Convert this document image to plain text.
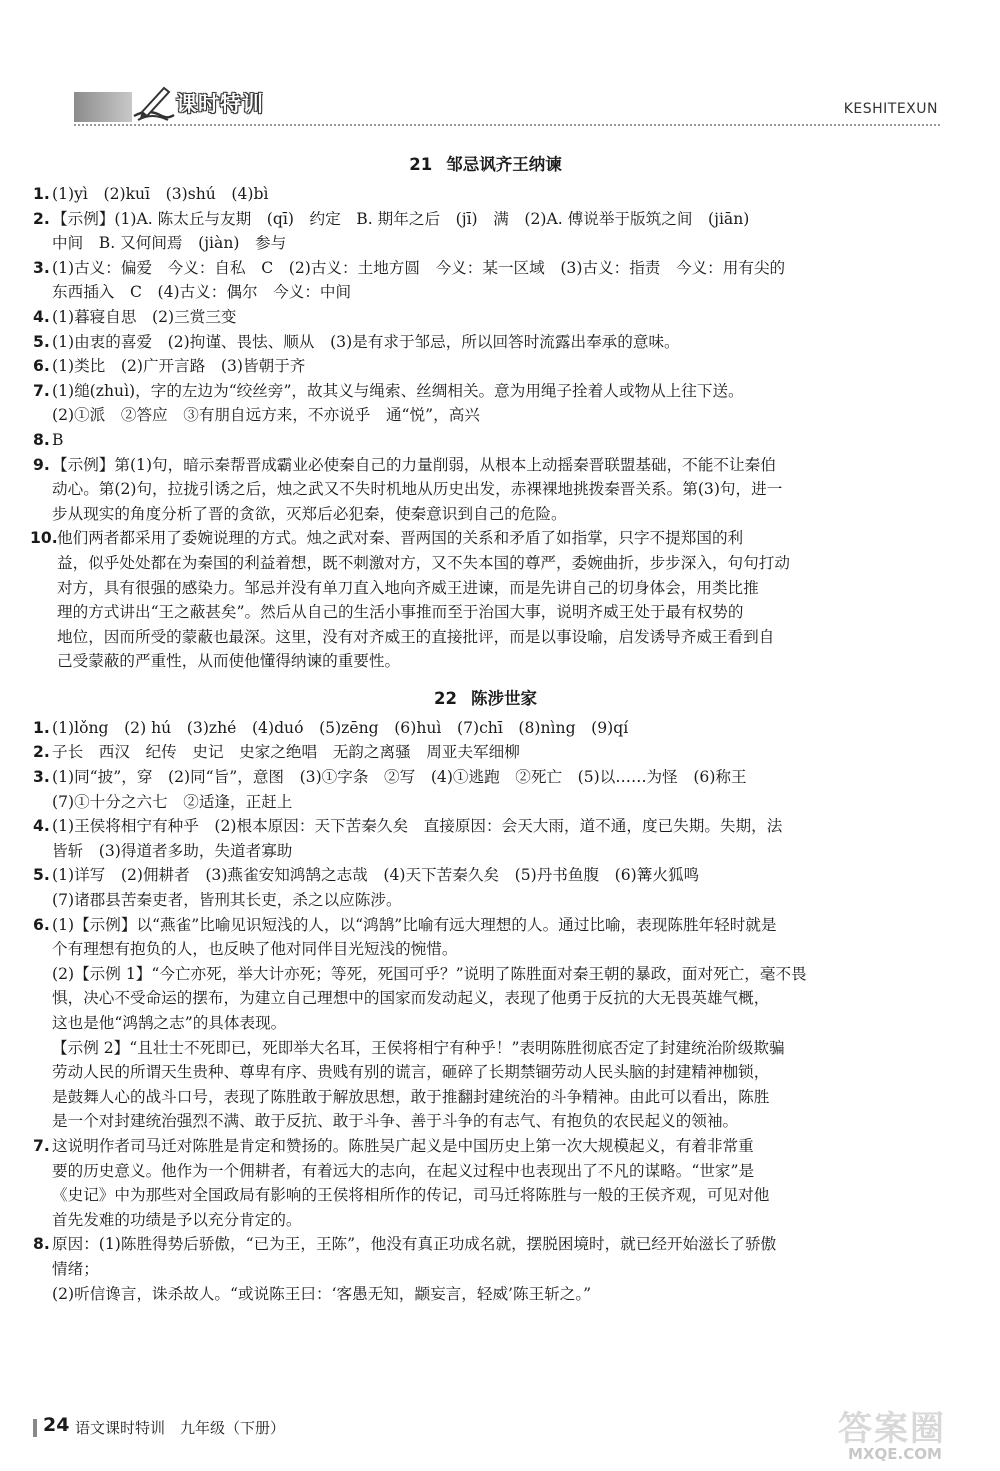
课时特训	KESHITEXUN
21 邹忌讽齐王纳谏
1. (1)yì　(2)kuī　(3)shú　(4)bì
2. 【示例】(1)A. 陈太丘与友期　(qī)　约定　B. 期年之后　(jī)　满　(2)A. 傅说举于版筑之间　(jiān)
中间　B. 又何间焉　(jiàn)　参与
3. (1)古义：偏爱　今义：自私　C　(2)古义：土地方圆　今义：某一区域　(3)古义：指责　今义：用有尖的
东西插入　C　(4)古义：偶尔　今义：中间
4. (1)暮寝自思　(2)三赏三变
5. (1)由衷的喜爱　(2)拘谨、畏怯、顺从　(3)是有求于邹忌，所以回答时流露出奉承的意味。
6. (1)类比　(2)广开言路　(3)皆朝于齐
7. (1)缒(zhuì)，字的左边为“绞丝旁”，故其义与绳索、丝绸相关。意为用绳子拴着人或物从上往下送。
(2)①派　②答应　③有朋自远方来，不亦说乎　通“悦”，高兴
8. B
9. 【示例】第(1)句，暗示秦帮晋成霸业必使秦自己的力量削弱，从根本上动摇秦晋联盟基础，不能不让秦伯
动心。第(2)句，拉拢引诱之后，烛之武又不失时机地从历史出发，赤裸裸地挑拨秦晋关系。第(3)句，进一
步从现实的角度分析了晋的贪欲，灭郑后必犯秦，使秦意识到自己的危险。
10. 他们两者都采用了委婉说理的方式。烛之武对秦、晋两国的关系和矛盾了如指掌，只字不提郑国的利
益，似乎处处都在为秦国的利益着想，既不刺激对方，又不失本国的尊严，委婉曲折，步步深入，句句打动
对方，具有很强的感染力。邹忌并没有单刀直入地向齐威王进谏，而是先讲自己的切身体会，用类比推
理的方式讲出“王之蔽甚矣”。然后从自己的生活小事推而至于治国大事，说明齐威王处于最有权势的
地位，因而所受的蒙蔽也最深。这里，没有对齐威王的直接批评，而是以事设喻，启发诱导齐威王看到自
己受蒙蔽的严重性，从而使他懂得纳谏的重要性。
22 陈涉世家
1. (1)lǒng　(2) hú　(3)zhé　(4)duó　(5)zēng　(6)huì　(7)chī　(8)nìng　(9)qí
2. 子长　西汉　纪传　史记　史家之绝唱　无韵之离骚　周亚夫军细柳
3. (1)同“披”，穿　(2)同“旨”，意图　(3)①字条　②写　(4)①逃跑　②死亡　(5)以……为怪　(6)称王
(7)①十分之六七　②适逢，正赶上
4. (1)王侯将相宁有种乎　(2)根本原因：天下苦秦久矣　直接原因：会天大雨，道不通，度已失期。失期，法
皆斩　(3)得道者多助，失道者寡助
5. (1)详写　(2)佣耕者　(3)燕雀安知鸿鹄之志哉　(4)天下苦秦久矣　(5)丹书鱼腹　(6)篝火狐鸣
(7)诸郡县苦秦吏者，皆刑其长吏，杀之以应陈涉。
6. (1)【示例】以“燕雀”比喻见识短浅的人，以“鸿鹄”比喻有远大理想的人。通过比喻，表现陈胜年轻时就是
个有理想有抱负的人，也反映了他对同伴目光短浅的惋惜。
(2)【示例 1】“今亡亦死，举大计亦死；等死，死国可乎？”说明了陈胜面对秦王朝的暴政，面对死亡，毫不畏
惧，决心不受命运的摆布，为建立自己理想中的国家而发动起义，表现了他勇于反抗的大无畏英雄气概，
这也是他“鸿鹄之志”的具体表现。
【示例 2】“且壮士不死即已，死即举大名耳，王侯将相宁有种乎！”表明陈胜彻底否定了封建统治阶级欺骗
劳动人民的所谓天生贵种、尊卑有序、贵贱有别的谎言，砸碎了长期禁锢劳动人民头脑的封建精神枷锁，
是鼓舞人心的战斗口号，表现了陈胜敢于解放思想，敢于推翻封建统治的斗争精神。由此可以看出，陈胜
是一个对封建统治强烈不满、敢于反抗、敢于斗争、善于斗争的有志气、有抱负的农民起义的领袖。
7. 这说明作者司马迁对陈胜是肯定和赞扬的。陈胜吴广起义是中国历史上第一次大规模起义，有着非常重
要的历史意义。他作为一个佣耕者，有着远大的志向，在起义过程中也表现出了不凡的谋略。“世家”是
《史记》中为那些对全国政局有影响的王侯将相所作的传记，司马迁将陈胜与一般的王侯齐观，可见对他
首先发难的功绩是予以充分肯定的。
8. 原因：(1)陈胜得势后骄傲，“已为王，王陈”，他没有真正功成名就，摆脱困境时，就已经开始滋长了骄傲
情绪；
(2)听信谗言，诛杀故人。“或说陈王曰：‘客愚无知，颛妄言，轻威’陈王斩之。”
24 语文课时特训　九年级（下册）	答案圈
MXQE.COM
